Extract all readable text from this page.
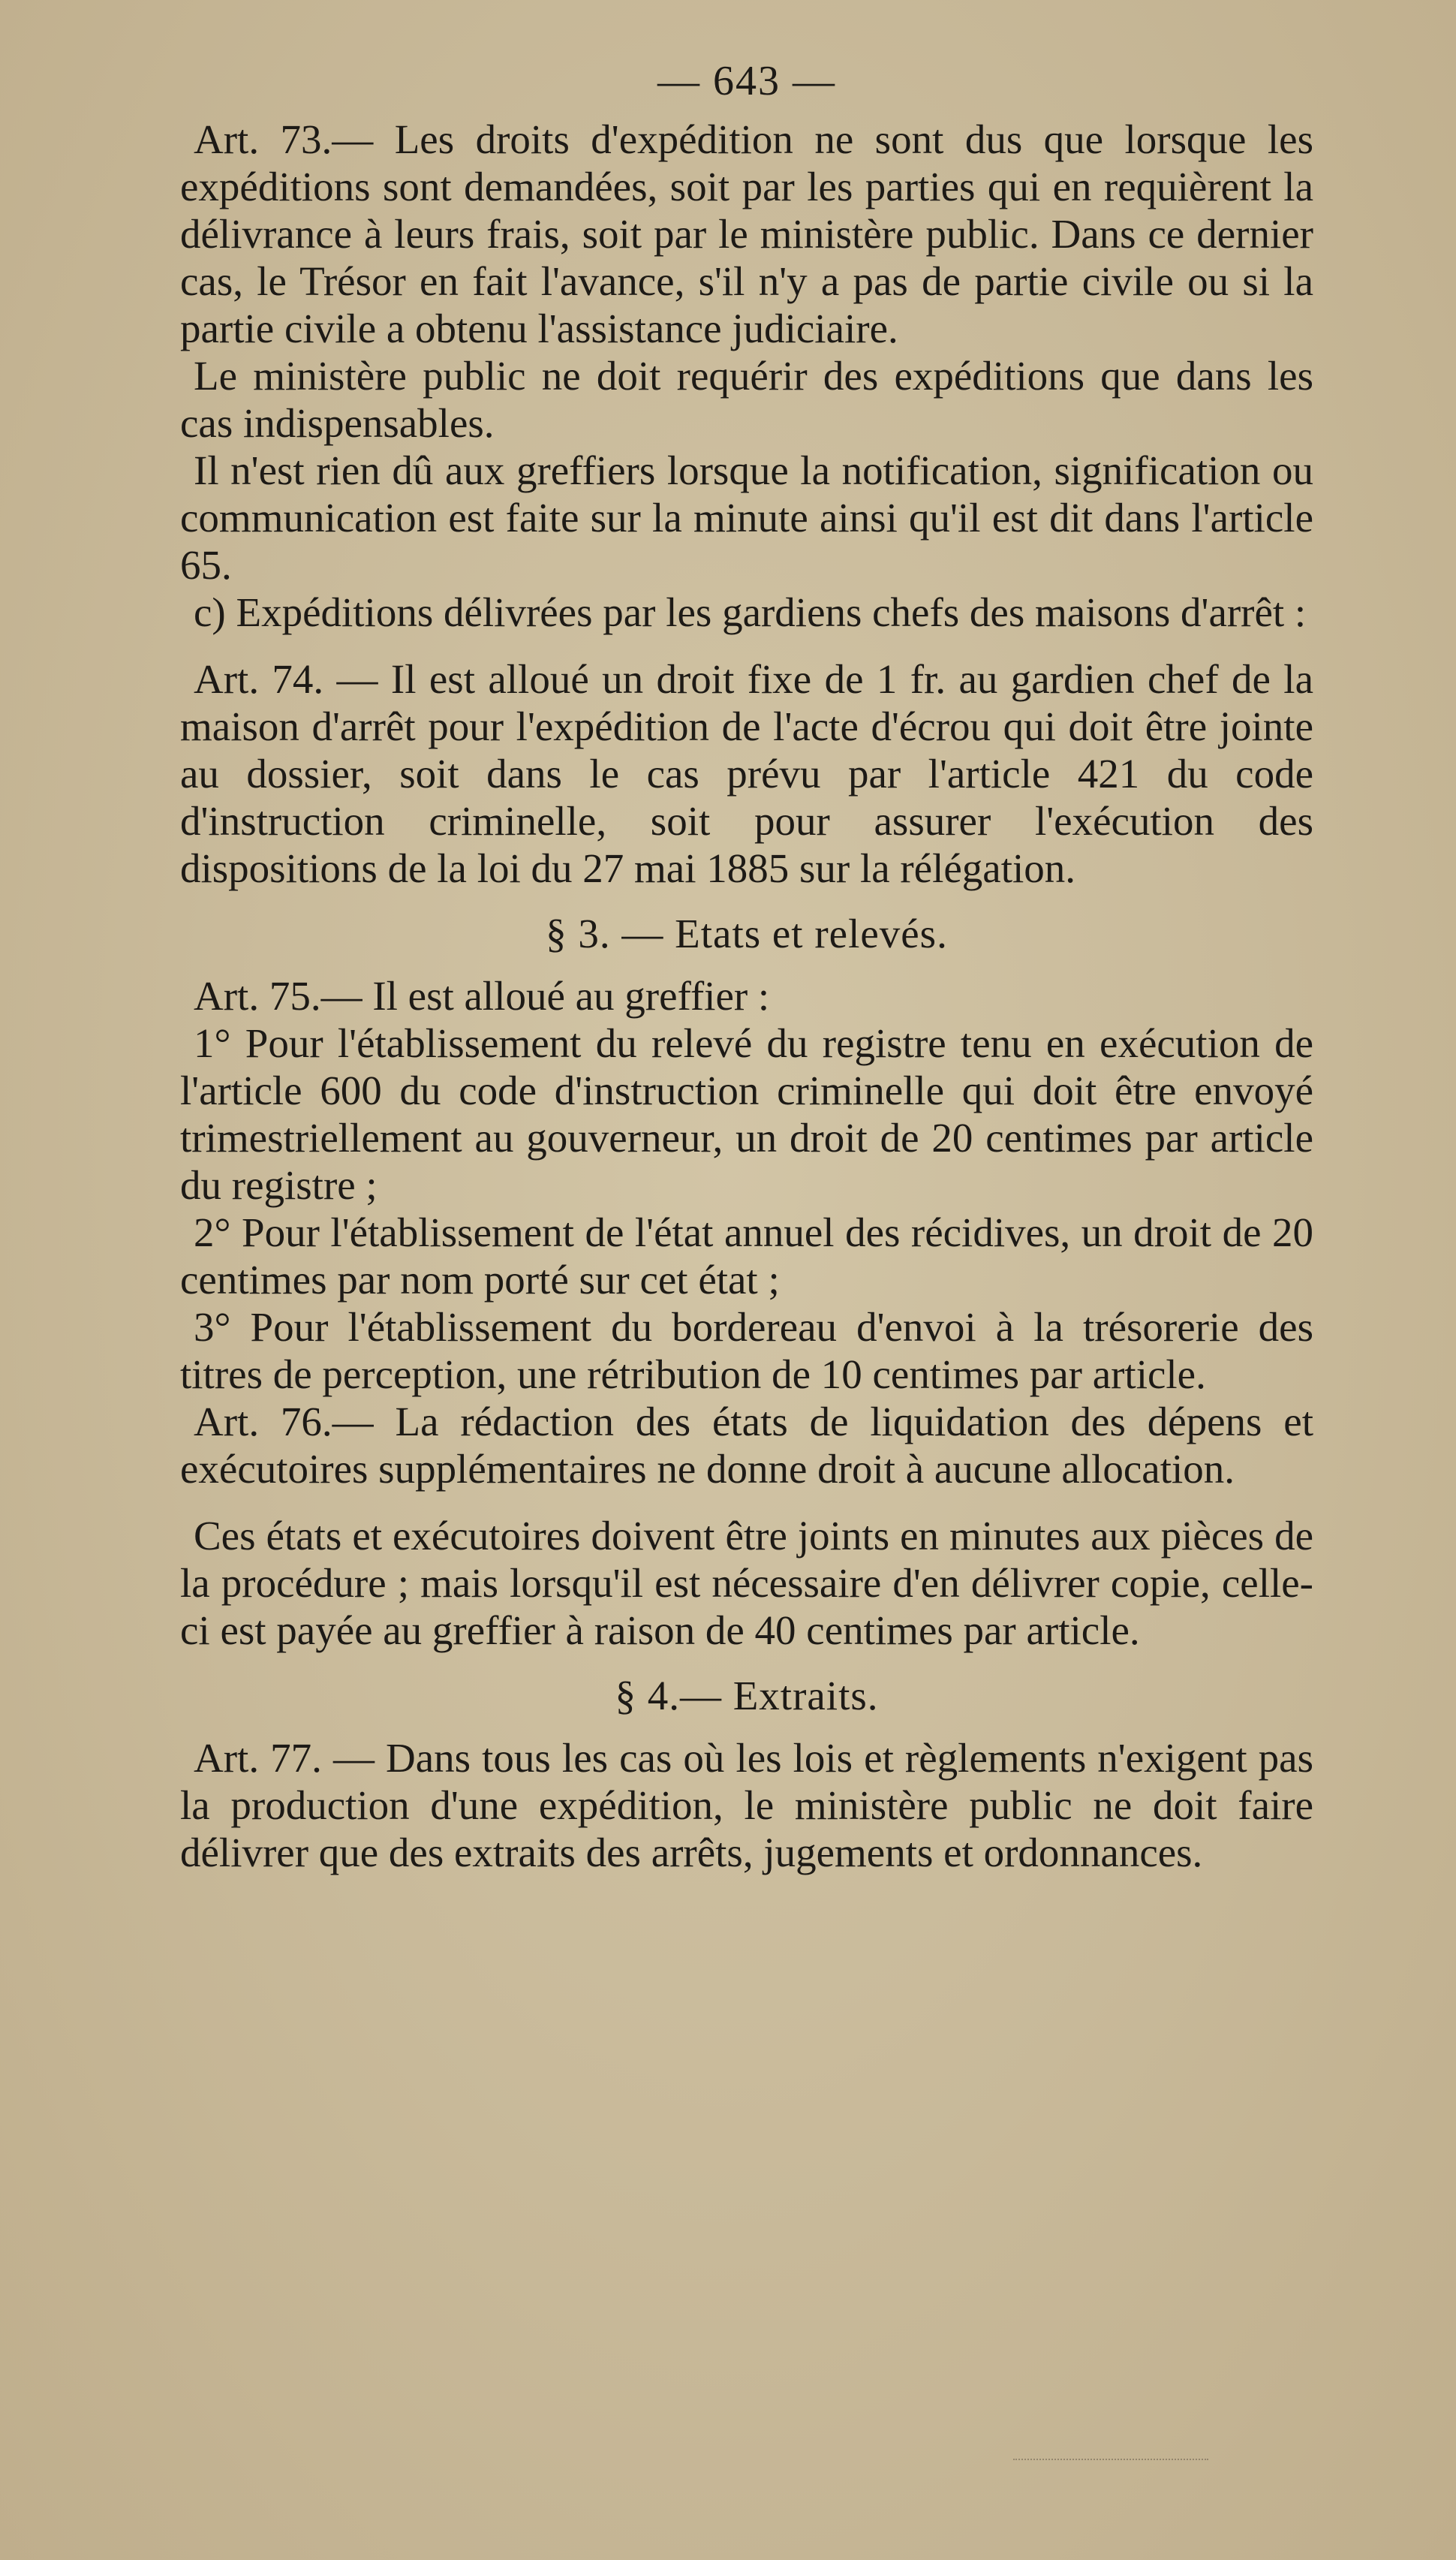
— 643 —

Art. 73.— Les droits d'expédition ne sont dus que lorsque les expéditions sont demandées, soit par les parties qui en requièrent la délivrance à leurs frais, soit par le ministère public. Dans ce dernier cas, le Trésor en fait l'avance, s'il n'y a pas de partie civile ou si la partie civile a obtenu l'assistance judiciaire.

Le ministère public ne doit requérir des expéditions que dans les cas indispensables.

Il n'est rien dû aux greffiers lorsque la notification, signification ou communication est faite sur la minute ainsi qu'il est dit dans l'article 65.

c) Expéditions délivrées par les gardiens chefs des maisons d'arrêt :

Art. 74. — Il est alloué un droit fixe de 1 fr. au gardien chef de la maison d'arrêt pour l'expédition de l'acte d'écrou qui doit être jointe au dossier, soit dans le cas prévu par l'article 421 du code d'instruction criminelle, soit pour assurer l'exécution des dispositions de la loi du 27 mai 1885 sur la rélégation.

§ 3. — Etats et relevés.

Art. 75.— Il est alloué au greffier :

1° Pour l'établissement du relevé du registre tenu en exécution de l'article 600 du code d'instruction criminelle qui doit être envoyé trimestriellement au gouverneur, un droit de 20 centimes par article du registre ;

2° Pour l'établissement de l'état annuel des récidives, un droit de 20 centimes par nom porté sur cet état ;

3° Pour l'établissement du bordereau d'envoi à la trésorerie des titres de perception, une rétribution de 10 centimes par article.

Art. 76.— La rédaction des états de liquidation des dépens et exécutoires supplémentaires ne donne droit à aucune allocation.

Ces états et exécutoires doivent être joints en minutes aux pièces de la procédure ; mais lorsqu'il est nécessaire d'en délivrer copie, celle-ci est payée au greffier à raison de 40 centimes par article.

§ 4.— Extraits.

Art. 77. — Dans tous les cas où les lois et règlements n'exigent pas la production d'une expédition, le ministère public ne doit faire délivrer que des extraits des arrêts, jugements et ordonnances.
